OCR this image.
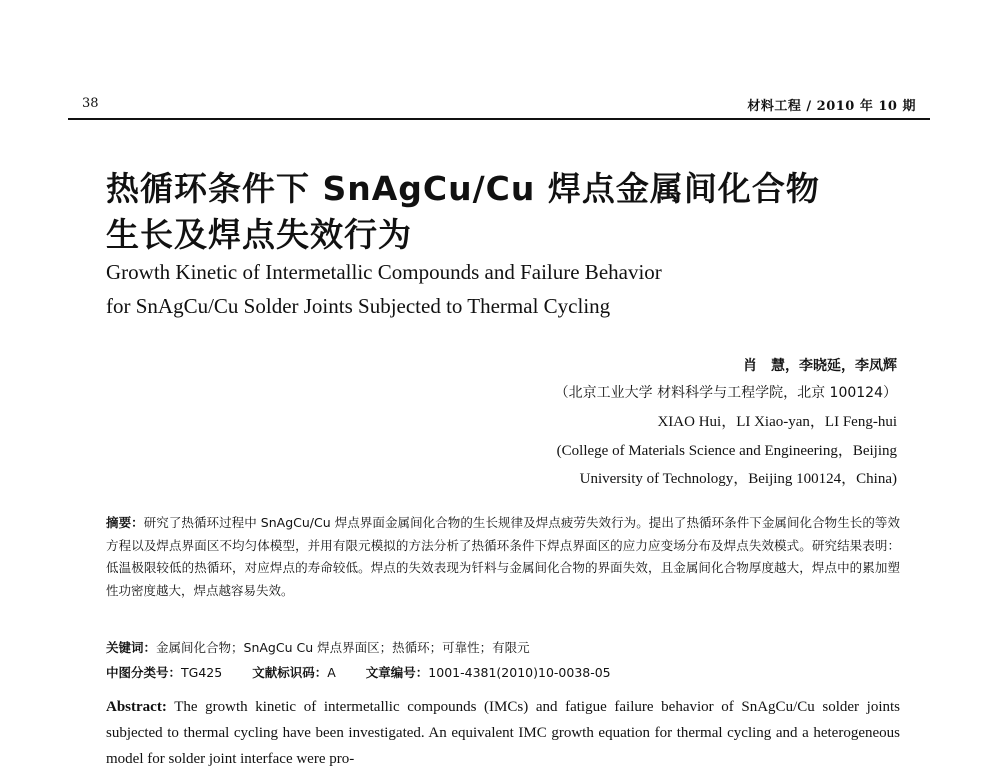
38	材料工程 / 2010 年 10 期
热循环条件下 SnAgCu/Cu 焊点金属间化合物
生长及焊点失效行为
Growth Kinetic of Intermetallic Compounds and Failure Behavior
for SnAgCu/Cu Solder Joints Subjected to Thermal Cycling
肖　慧，李晓延，李凤辉
（北京工业大学 材料科学与工程学院，北京 100124）
XIAO Hui，LI Xiao-yan，LI Feng-hui
(College of Materials Science and Engineering，Beijing
University of Technology，Beijing 100124，China)
摘要：研究了热循环过程中 SnAgCu/Cu 焊点界面金属间化合物的生长规律及焊点疲劳失效行为。提出了热循环条件下金属间化合物生长的等效方程以及焊点界面区不均匀体模型，并用有限元模拟的方法分析了热循环条件下焊点界面区的应力应变场分布及焊点失效模式。研究结果表明：低温极限较低的热循环，对应焊点的寿命较低。焊点的失效表现为钎料与金属间化合物的界面失效，且金属间化合物厚度越大，焊点中的累加塑性功密度越大，焊点越容易失效。
关键词：金属间化合物；SnAgCu Cu 焊点界面区；热循环；可靠性；有限元
中图分类号：TG425 文献标识码：A 文章编号：1001-4381(2010)10-0038-05
Abstract: The growth kinetic of intermetallic compounds (IMCs) and fatigue failure behavior of SnAgCu/Cu solder joints subjected to thermal cycling have been investigated. An equivalent IMC growth equation for thermal cycling and a heterogeneous model for solder joint interface were pro-
